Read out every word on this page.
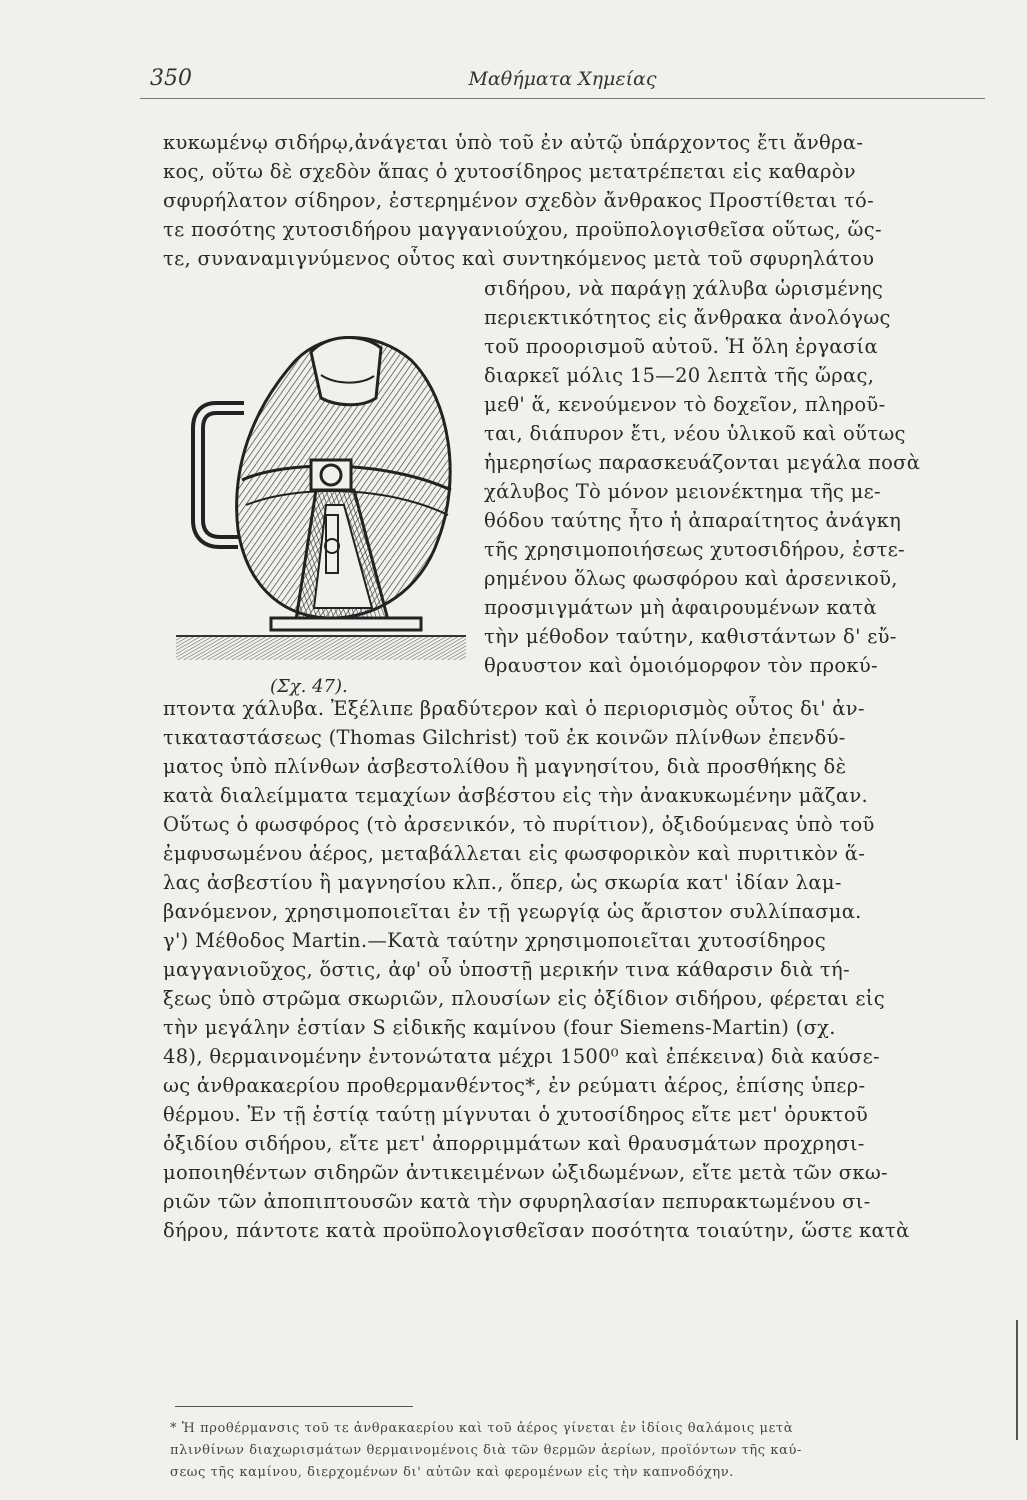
350	Μαθήματα Χημείας
κυκωμένῳ σιδήρῳ,ἀνάγεται ὑπὸ τοῦ ἐν αὐτῷ ὑπάρχοντος ἔτι ἄνθρα-
κος, οὕτω δὲ σχεδὸν ἅπας ὁ χυτοσίδηρος μετατρέπεται εἰς καθαρὸν
σφυρήλατον σίδηρον, ἐστερημένον σχεδὸν ἄνθρακος Προστίθεται τό-
τε ποσότης χυτοσιδήρου μαγγανιούχου, προϋπολογισθεῖσα οὕτως, ὥς-
τε, συναναμιγνύμενος οὗτος καὶ συντηκόμενος μετὰ τοῦ σφυρηλάτου
σιδήρου, νὰ παράγῃ χάλυβα ὡρισμένης
περιεκτικότητος εἰς ἄνθρακα ἀνολόγως
τοῦ προορισμοῦ αὐτοῦ. Ἡ ὅλη ἐργασία
διαρκεῖ μόλις 15—20 λεπτὰ τῆς ὥρας,
μεθ' ἅ, κενούμενον τὸ δοχεῖον, πληροῦ-
ται, διάπυρον ἔτι, νέου ὑλικοῦ καὶ οὕτως
ἡμερησίως παρασκευάζονται μεγάλα ποσὰ
χάλυβος Τὸ μόνον μειονέκτημα τῆς με-
θόδου ταύτης ἦτο ἡ ἀπαραίτητος ἀνάγκη
τῆς χρησιμοποιήσεως χυτοσιδήρου, ἐστε-
ρημένου ὅλως φωσφόρου καὶ ἀρσενικοῦ,
προσμιγμάτων μὴ ἀφαιρουμένων κατὰ
τὴν μέθοδον ταύτην, καθιστάντων δ' εὔ-
θραυστον καὶ ὁμοιόμορφον τὸν προκύ-
(Σχ. 47).
πτοντα χάλυβα. Ἐξέλιπε βραδύτερον καὶ ὁ περιορισμὸς οὗτος δι' ἀν-
τικαταστάσεως (Thomas Gilchrist) τοῦ ἐκ κοινῶν πλίνθων ἐπενδύ-
ματος ὑπὸ πλίνθων ἀσβεστολίθου ἢ μαγνησίτου, διὰ προσθήκης δὲ
κατὰ διαλείμματα τεμαχίων ἀσβέστου εἰς τὴν ἀνακυκωμένην μᾶζαν.
Οὕτως ὁ φωσφόρος (τὸ ἀρσενικόν, τὸ πυρίτιον), ὀξιδούμενας ὑπὸ τοῦ
ἐμφυσωμένου ἀέρος, μεταβάλλεται εἰς φωσφορικὸν καὶ πυριτικὸν ἅ-
λας ἀσβεστίου ἢ μαγνησίου κλπ., ὅπερ, ὡς σκωρία κατ' ἰδίαν λαμ-
βανόμενον, χρησιμοποιεῖται ἐν τῇ γεωργίᾳ ὡς ἄριστον συλλίπασμα.
γ') Μέθοδος Martin.—Κατὰ ταύτην χρησιμοποιεῖται χυτοσίδηρος
μαγγανιοῦχος, ὅστις, ἀφ' οὗ ὑποστῇ μερικήν τινα κάθαρσιν διὰ τή-
ξεως ὑπὸ στρῶμα σκωριῶν, πλουσίων εἰς ὀξίδιον σιδήρου, φέρεται εἰς
τὴν μεγάλην ἑστίαν S εἰδικῆς καμίνου (four Siemens-Martin) (σχ.
48), θερμαινομένην ἐντονώτατα μέχρι 1500⁰ καὶ ἐπέκεινα) διὰ καύσε-
ως ἀνθρακαερίου προθερμανθέντος*, ἐν ρεύματι ἀέρος, ἐπίσης ὑπερ-
θέρμου. Ἐν τῇ ἑστίᾳ ταύτῃ μίγνυται ὁ χυτοσίδηρος εἴτε μετ' ὀρυκτοῦ
ὀξιδίου σιδήρου, εἴτε μετ' ἀπορριμμάτων καὶ θραυσμάτων προχρησι-
μοποιηθέντων σιδηρῶν ἀντικειμένων ὠξιδωμένων, εἴτε μετὰ τῶν σκω-
ριῶν τῶν ἀποπιπτουσῶν κατὰ τὴν σφυρηλασίαν πεπυρακτωμένου σι-
δήρου, πάντοτε κατὰ προϋπολογισθεῖσαν ποσότητα τοιαύτην, ὥστε κατὰ
* Ἡ προθέρμανσις τοῦ τε ἀνθρακαερίου καὶ τοῦ ἀέρος γίνεται ἐν ἰδίοις θαλάμοις μετὰ
πλινθίνων διαχωρισμάτων θερμαινομένοις διὰ τῶν θερμῶν ἀερίων, προϊόντων τῆς καύ-
σεως τῆς καμίνου, διερχομένων δι' αὐτῶν καὶ φερομένων εἰς τὴν καπνοδόχην.
